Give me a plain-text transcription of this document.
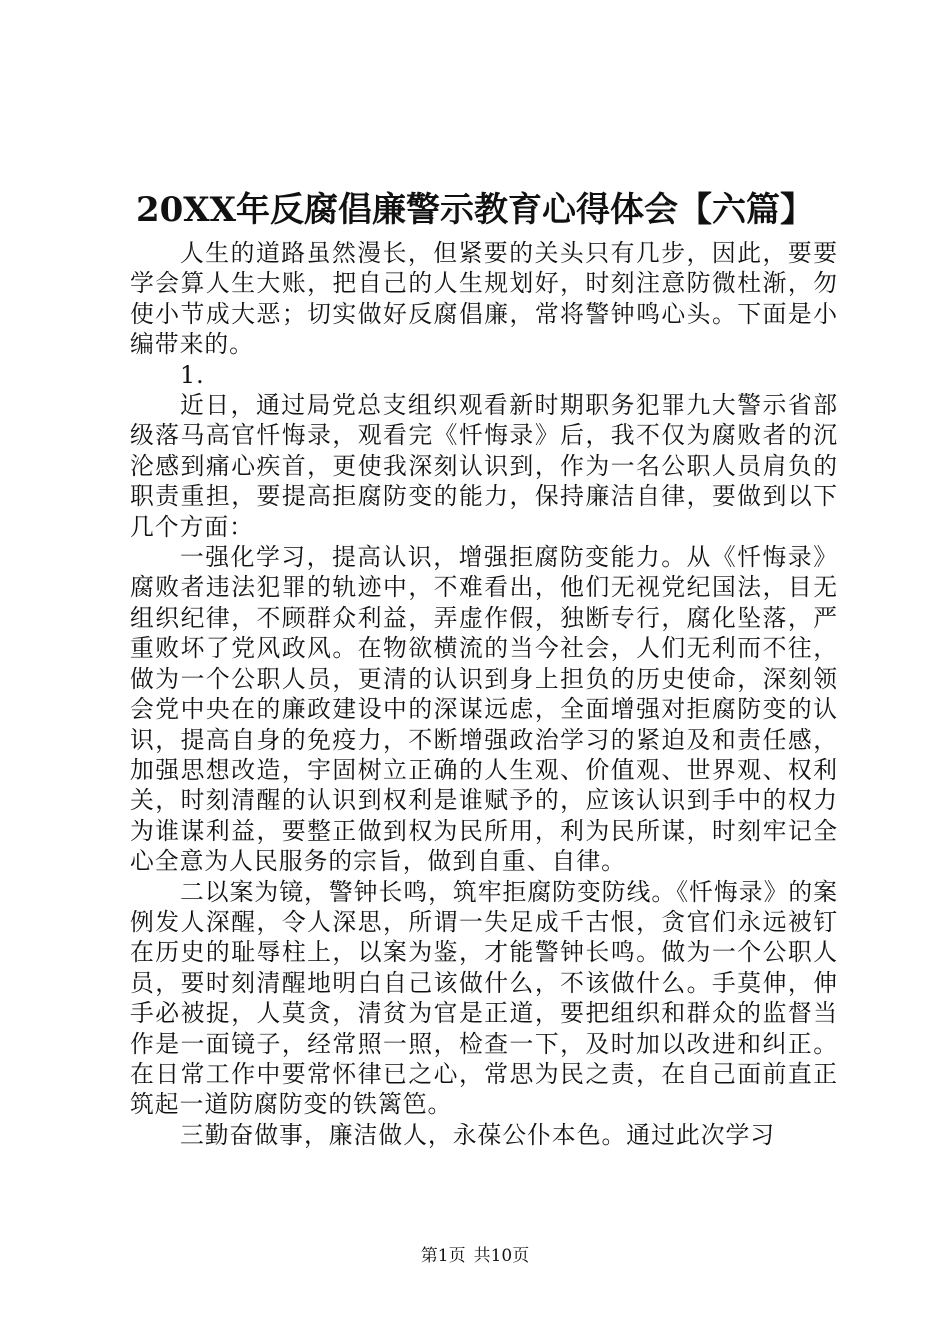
20XX年反腐倡廉警示教育心得体会【六篇】

人生的道路虽然漫长，但紧要的关头只有几步，因此，要要学会算人生大账，把自己的人生规划好，时刻注意防微杜渐，勿使小节成大恶；切实做好反腐倡廉，常将警钟鸣心头。下面是小编带来的。

1.

近日，通过局党总支组织观看新时期职务犯罪九大警示省部级落马高官忏悔录，观看完《忏悔录》后，我不仅为腐败者的沉沦感到痛心疾首，更使我深刻认识到，作为一名公职人员肩负的职责重担，要提高拒腐防变的能力，保持廉洁自律，要做到以下几个方面：

一强化学习，提高认识，增强拒腐防变能力。从《忏悔录》腐败者违法犯罪的轨迹中，不难看出，他们无视党纪国法，目无组织纪律，不顾群众利益，弄虚作假，独断专行，腐化坠落，严重败坏了党风政风。在物欲横流的当今社会，人们无利而不往，做为一个公职人员，更清的认识到身上担负的历史使命，深刻领会党中央在的廉政建设中的深谋远虑，全面增强对拒腐防变的认识，提高自身的免疫力，不断增强政治学习的紧迫及和责任感，加强思想改造，宇固树立正确的人生观、价值观、世界观、权利关，时刻清醒的认识到权利是谁赋予的，应该认识到手中的权力为谁谋利益，要整正做到权为民所用，利为民所谋，时刻牢记全心全意为人民服务的宗旨，做到自重、自律。

二以案为镜，警钟长鸣，筑牢拒腐防变防线。《忏悔录》的案例发人深醒，令人深思，所谓一失足成千古恨，贪官们永远被钉在历史的耻辱柱上，以案为鉴，才能警钟长鸣。做为一个公职人员，要时刻清醒地明白自己该做什么，不该做什么。手莫伸，伸手必被捉，人莫贪，清贫为官是正道，要把组织和群众的监督当作是一面镜子，经常照一照，检查一下，及时加以改进和纠正。在日常工作中要常怀律已之心，常思为民之责，在自己面前直正筑起一道防腐防变的铁篱笆。

三勤奋做事，廉洁做人，永葆公仆本色。通过此次学习

第1页 共10页
